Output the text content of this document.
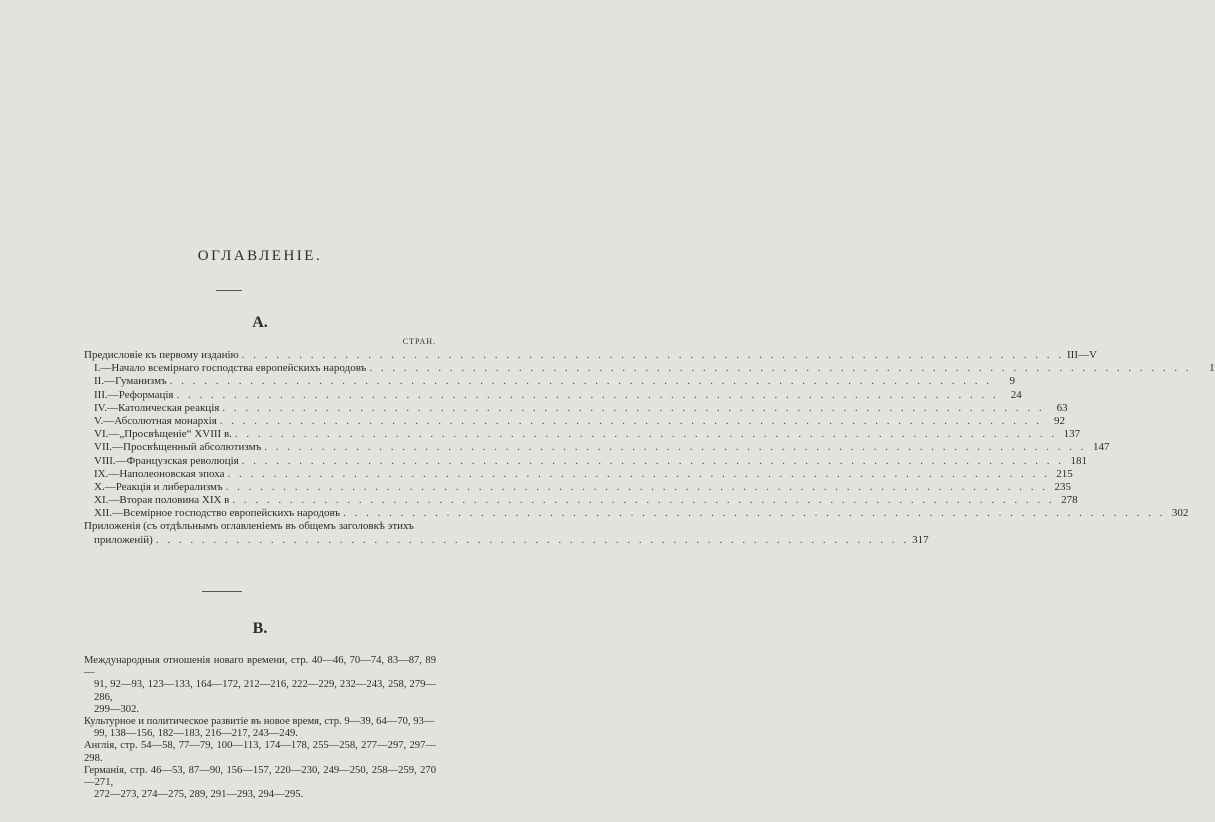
ОГЛАВЛЕНІЕ.
А.
СТРАН.
Предисловіе къ первому изданію . . .	III—V
I.—Начало всемірнаго господства европейскихъ народовъ . . .	1
II.—Гуманизмъ . . .	9
III.—Реформація . . .	24
IV.—Католическая реакція . . .	63
V.—Абсолютная монархія . . .	92
VI.—„Просвѣщеніе“ XVIII в. . . .	137
VII.—Просвѣщенный абсолютизмъ . . .	147
VIII.—Французская революція . . .	181
IX.—Наполеоновская эпоха . . .	215
X.—Реакція и либерализмъ . . .	235
XI.—Вторая половина XIX в . . .	278
XII.—Всемірное господство европейскихъ народовъ . . .	302
Приложенія (съ отдѣльнымъ оглавленіемъ въ общемъ заголовкѣ этихъ
приложеній) . . . . . . . . . . . . . . . . . . . . . . . . . . . . . . . . . . . . . . . . . . . . . . . . . . . . . . . . . . . . . . . . . . 317
В.
Международныя отношенія новаго времени, стр. 40—46, 70—74, 83—87, 89—
91, 92—93, 123—133, 164—172, 212—216, 222—229, 232—243, 258, 279—286,
299—302.
Культурное и политическое развитіе въ новое время, стр. 9—39, 64—70, 93—
99, 138—156, 182—183, 216—217, 243—249.
Англія, стр. 54—58, 77—79, 100—113, 174—178, 255—258, 277—297, 297—298.
Германія, стр. 46—53, 87—90, 156—157, 220—230, 249—250, 258—259, 270—271,
272—273, 274—275, 289, 291—293, 294—295.
